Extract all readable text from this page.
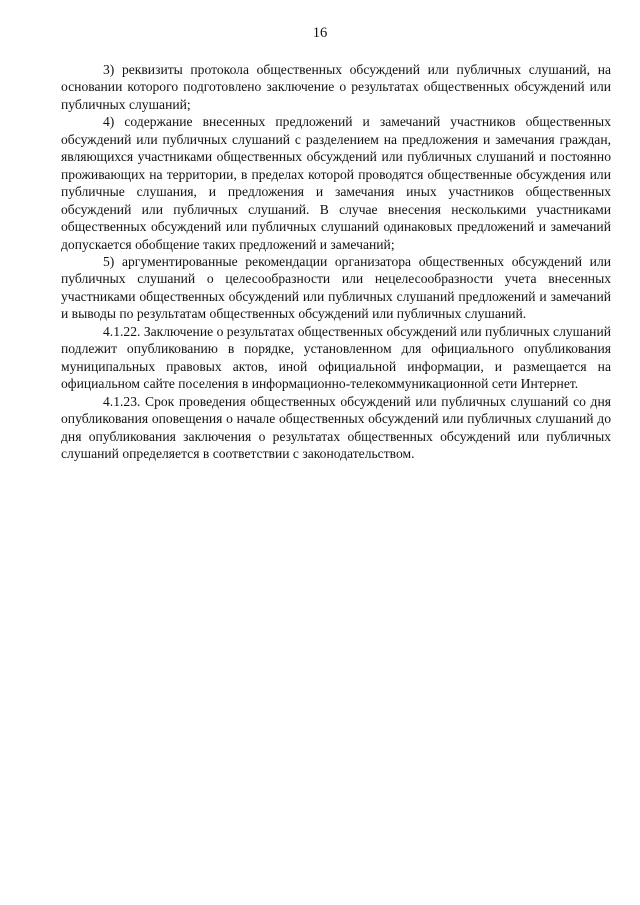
16

3) реквизиты протокола общественных обсуждений или публичных слушаний, на основании которого подготовлено заключение о результатах общественных обсуждений или публичных слушаний;

4) содержание внесенных предложений и замечаний участников общественных обсуждений или публичных слушаний с разделением на предложения и замечания граждан, являющихся участниками общественных обсуждений или публичных слушаний и постоянно проживающих на территории, в пределах которой проводятся общественные обсуждения или публичные слушания, и предложения и замечания иных участников общественных обсуждений или публичных слушаний. В случае внесения несколькими участниками общественных обсуждений или публичных слушаний одинаковых предложений и замечаний допускается обобщение таких предложений и замечаний;

5) аргументированные рекомендации организатора общественных обсуждений или публичных слушаний о целесообразности или нецелесообразности учета внесенных участниками общественных обсуждений или публичных слушаний предложений и замечаний и выводы по результатам общественных обсуждений или публичных слушаний.

4.1.22. Заключение о результатах общественных обсуждений или публичных слушаний подлежит опубликованию в порядке, установленном для официального опубликования муниципальных правовых актов, иной официальной информации, и размещается на официальном сайте поселения в информационно-телекоммуникационной сети Интернет.

4.1.23. Срок проведения общественных обсуждений или публичных слушаний со дня опубликования оповещения о начале общественных обсуждений или публичных слушаний до дня опубликования заключения о результатах общественных обсуждений или публичных слушаний определяется в соответствии с законодательством.
